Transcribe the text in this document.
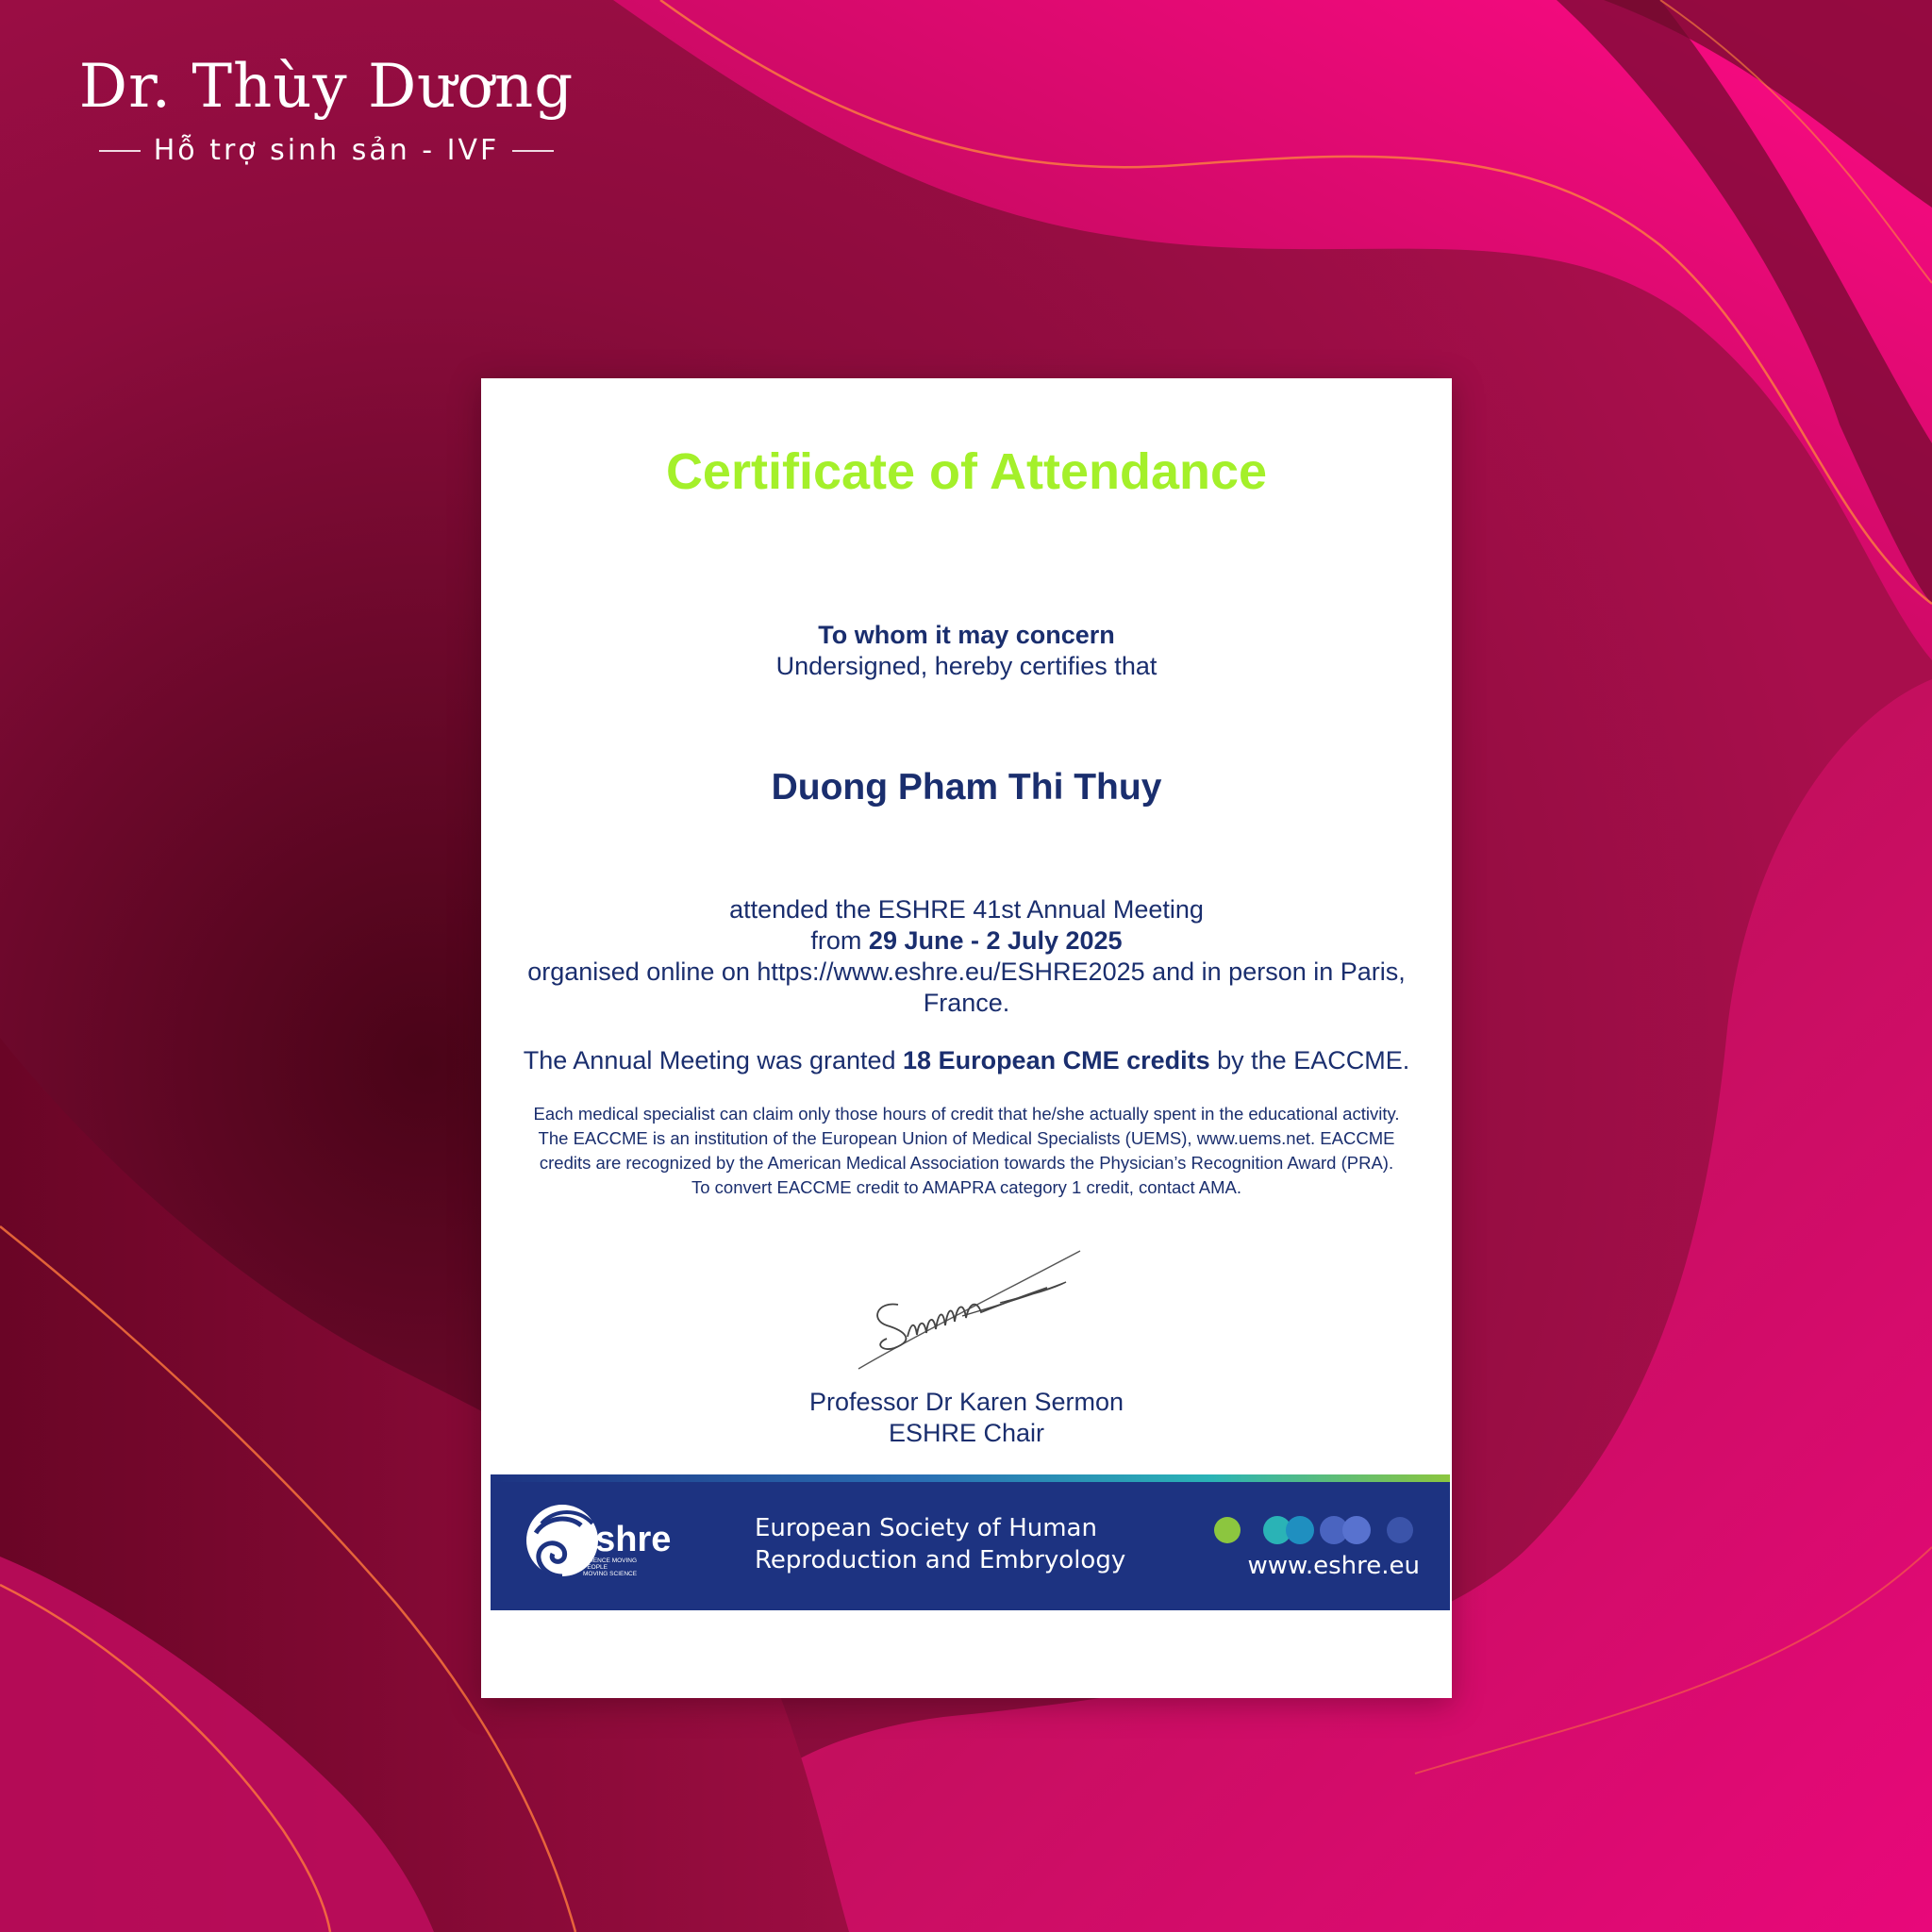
Dr. Thùy Dương
Hỗ trợ sinh sản - IVF
Certificate of Attendance
To whom it may concern
Undersigned, hereby certifies that
Duong Pham Thi Thuy
attended the ESHRE 41st Annual Meeting
from 29 June - 2 July 2025
organised online on https://www.eshre.eu/ESHRE2025 and in person in Paris,
France.
The Annual Meeting was granted 18 European CME credits by the EACCME.
Each medical specialist can claim only those hours of credit that he/she actually spent in the educational activity.
The EACCME is an institution of the European Union of Medical Specialists (UEMS), www.uems.net. EACCME
credits are recognized by the American Medical Association towards the Physician’s Recognition Award (PRA).
To convert EACCME credit to AMAPRA category 1 credit, contact AMA.
Professor Dr Karen Sermon
ESHRE Chair
eshre
SCIENCE MOVING
PEOPLE
MOVING SCIENCE
European Society of Human
Reproduction and Embryology	www.eshre.eu
